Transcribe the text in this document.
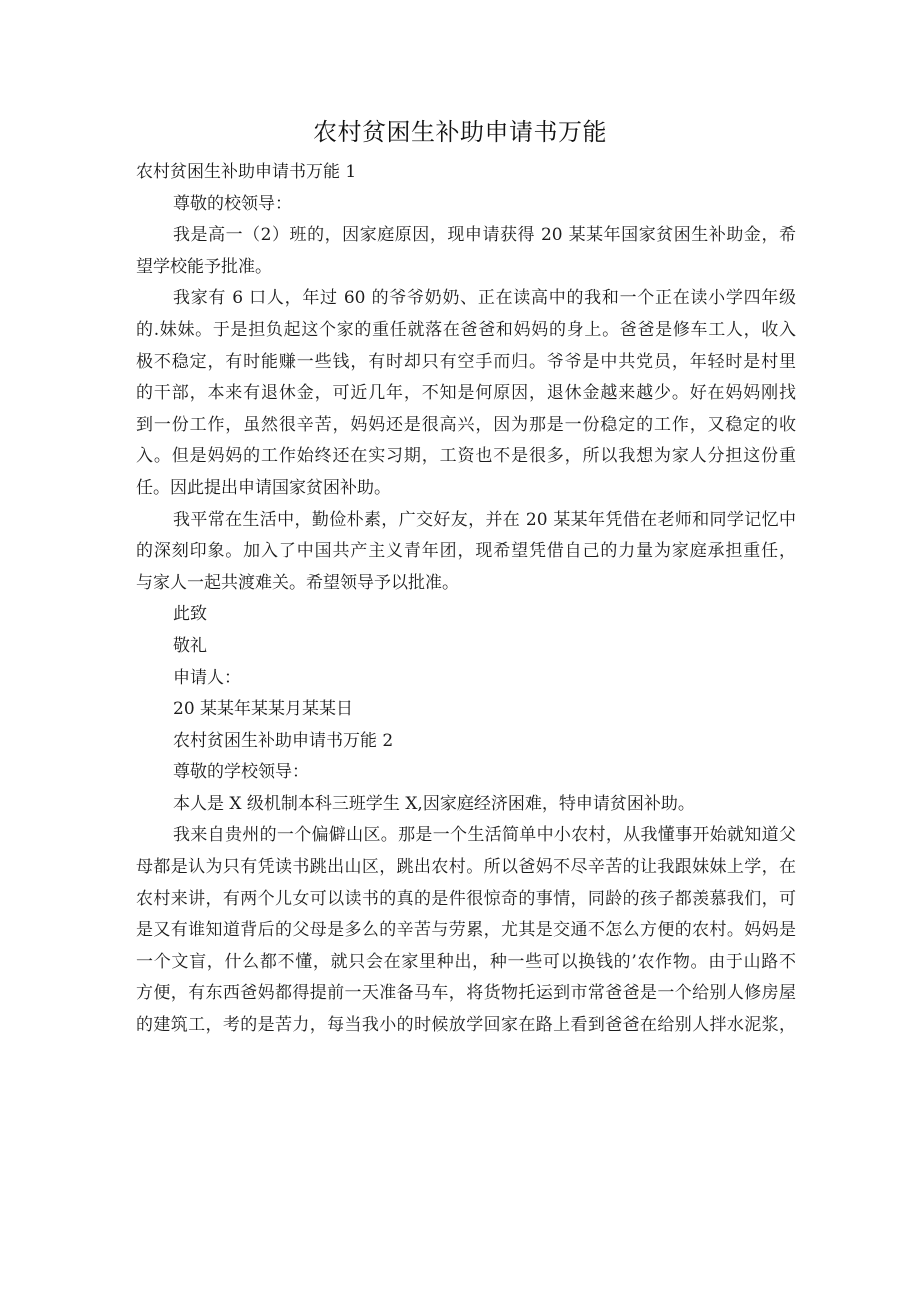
农村贫困生补助申请书万能

农村贫困生补助申请书万能 1

尊敬的校领导：

我是高一（2）班的，因家庭原因，现申请获得 20 某某年国家贫困生补助金，希

望学校能予批准。

我家有 6 口人，年过 60 的爷爷奶奶、正在读高中的我和一个正在读小学四年级

的.妹妹。于是担负起这个家的重任就落在爸爸和妈妈的身上。爸爸是修车工人，收入

极不稳定，有时能赚一些钱，有时却只有空手而归。爷爷是中共党员，年轻时是村里

的干部，本来有退休金，可近几年，不知是何原因，退休金越来越少。好在妈妈刚找

到一份工作，虽然很辛苦，妈妈还是很高兴，因为那是一份稳定的工作，又稳定的收

入。但是妈妈的工作始终还在实习期，工资也不是很多，所以我想为家人分担这份重

任。因此提出申请国家贫困补助。

我平常在生活中，勤俭朴素，广交好友，并在 20 某某年凭借在老师和同学记忆中

的深刻印象。加入了中国共产主义青年团，现希望凭借自己的力量为家庭承担重任，

与家人一起共渡难关。希望领导予以批准。

此致

敬礼

申请人：

20 某某年某某月某某日

农村贫困生补助申请书万能 2

尊敬的学校领导：

本人是 X 级机制本科三班学生 X,因家庭经济困难，特申请贫困补助。

我来自贵州的一个偏僻山区。那是一个生活简单中小农村，从我懂事开始就知道父

母都是认为只有凭读书跳出山区，跳出农村。所以爸妈不尽辛苦的让我跟妹妹上学，在

农村来讲，有两个儿女可以读书的真的是件很惊奇的事情，同龄的孩子都羡慕我们，可

是又有谁知道背后的父母是多么的辛苦与劳累，尤其是交通不怎么方便的农村。妈妈是

一个文盲，什么都不懂，就只会在家里种出，种一些可以换钱的’农作物。由于山路不

方便，有东西爸妈都得提前一天准备马车，将货物托运到市常爸爸是一个给别人修房屋

的建筑工，考的是苦力，每当我小的时候放学回家在路上看到爸爸在给别人拌水泥浆，
